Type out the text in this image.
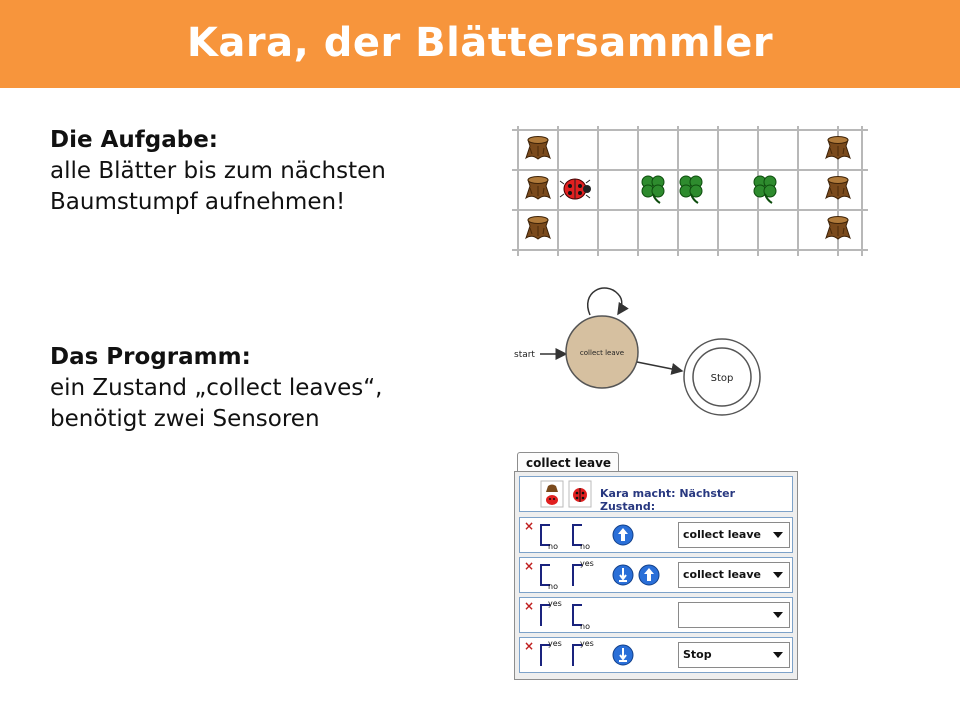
Kara, der Blättersammler
Die Aufgabe:
alle Blätter bis zum nächsten
Baumstumpf aufnehmen!
Das Programm:
ein Zustand „collect leaves“,
benötigt zwei Sensoren
start	collect leave
Stop
collect leave
Kara macht: Nächster Zustand:
×
no	no
collect leave
×
no
yes
collect leave
× yes
no
× yes yes
Stop
